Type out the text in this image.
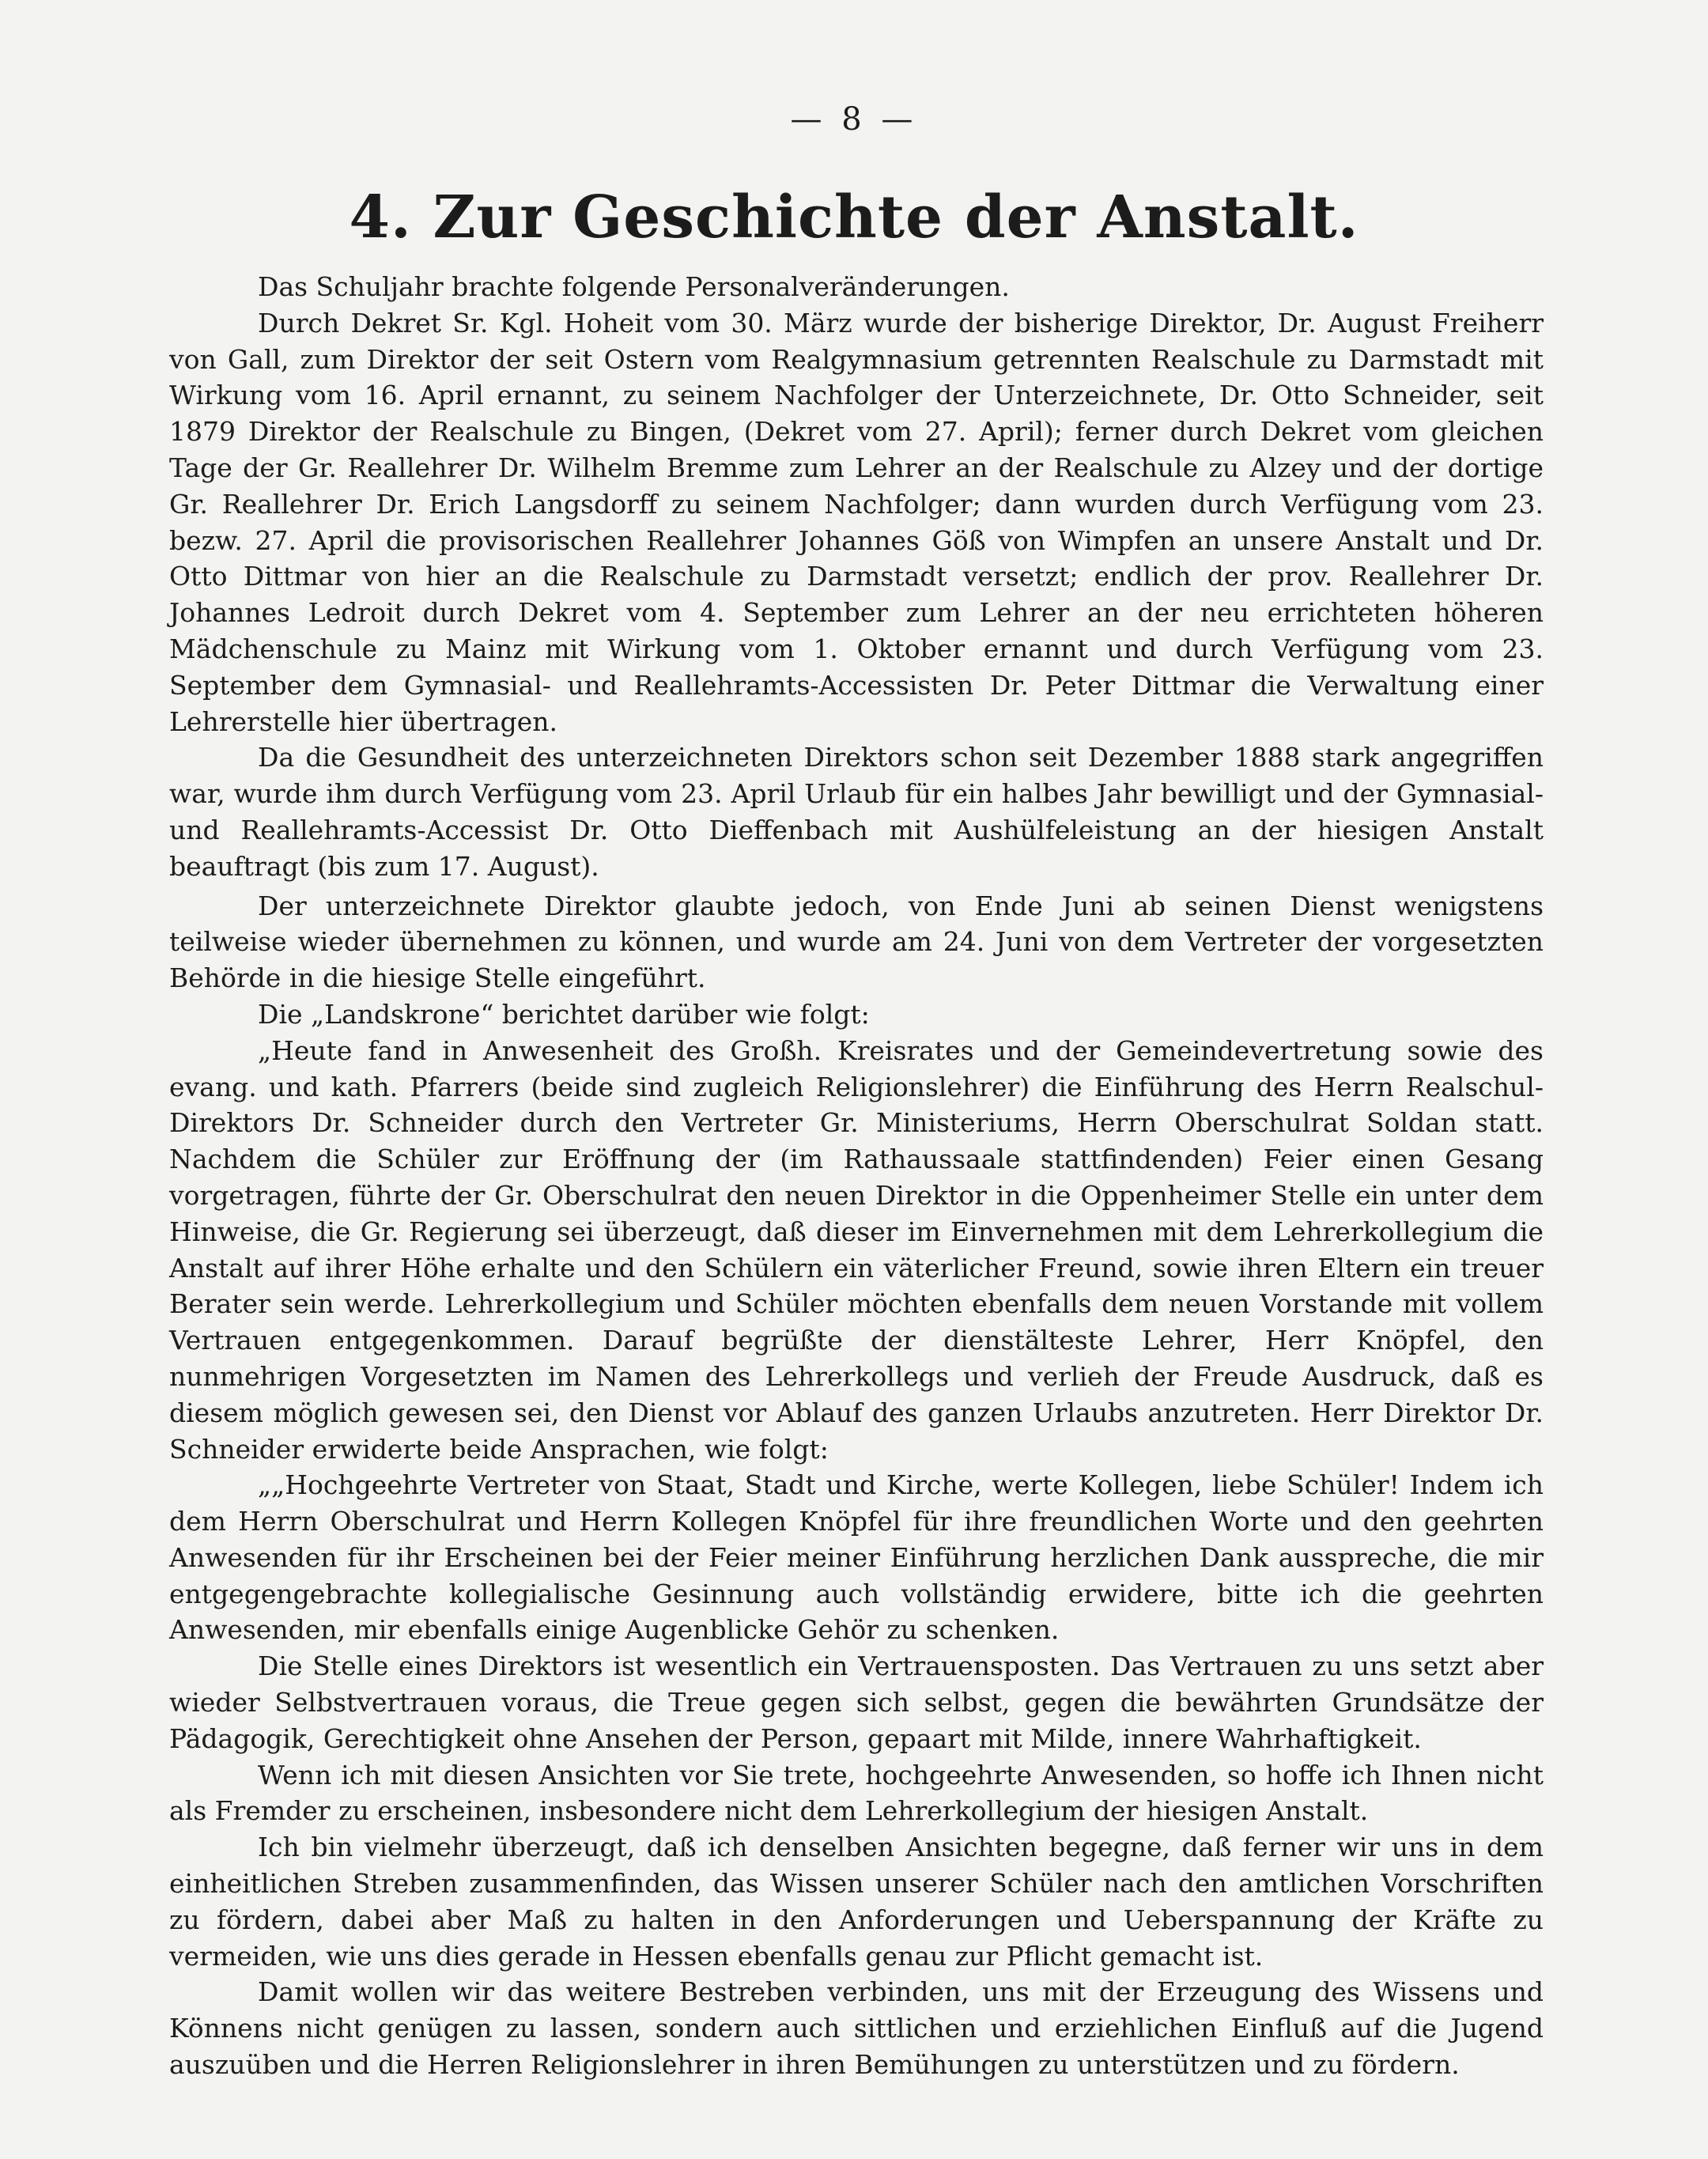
— 8 —
4. Zur Geschichte der Anstalt.

Das Schuljahr brachte folgende Personalveränderungen.

Durch Dekret Sr. Kgl. Hoheit vom 30. März wurde der bisherige Direktor, Dr. August Freiherr von Gall, zum Direktor der seit Ostern vom Realgymnasium getrennten Realschule zu Darmstadt mit Wirkung vom 16. April ernannt, zu seinem Nachfolger der Unterzeichnete, Dr. Otto Schneider, seit 1879 Direktor der Realschule zu Bingen, (Dekret vom 27. April); ferner durch Dekret vom gleichen Tage der Gr. Reallehrer Dr. Wilhelm Bremme zum Lehrer an der Realschule zu Alzey und der dortige Gr. Reallehrer Dr. Erich Langsdorff zu seinem Nachfolger; dann wurden durch Verfügung vom 23. bezw. 27. April die provisorischen Reallehrer Johannes Göß von Wimpfen an unsere Anstalt und Dr. Otto Dittmar von hier an die Realschule zu Darmstadt versetzt; endlich der prov. Reallehrer Dr. Johannes Ledroit durch Dekret vom 4. September zum Lehrer an der neu errichteten höheren Mädchenschule zu Mainz mit Wirkung vom 1. Oktober ernannt und durch Verfügung vom 23. September dem Gymnasial- und Reallehramts-Accessisten Dr. Peter Dittmar die Verwaltung einer Lehrerstelle hier übertragen.

Da die Gesundheit des unterzeichneten Direktors schon seit Dezember 1888 stark angegriffen war, wurde ihm durch Verfügung vom 23. April Urlaub für ein halbes Jahr bewilligt und der Gymnasial- und Reallehramts-Accessist Dr. Otto Dieffenbach mit Aushülfeleistung an der hiesigen Anstalt beauftragt (bis zum 17. August).

Der unterzeichnete Direktor glaubte jedoch, von Ende Juni ab seinen Dienst wenigstens teilweise wieder übernehmen zu können, und wurde am 24. Juni von dem Vertreter der vorgesetzten Behörde in die hiesige Stelle eingeführt.

Die „Landskrone“ berichtet darüber wie folgt:

„Heute fand in Anwesenheit des Großh. Kreisrates und der Gemeindevertretung sowie des evang. und kath. Pfarrers (beide sind zugleich Religionslehrer) die Einführung des Herrn Realschul-Direktors Dr. Schneider durch den Vertreter Gr. Ministeriums, Herrn Oberschulrat Soldan statt. Nachdem die Schüler zur Eröffnung der (im Rathaussaale stattfindenden) Feier einen Gesang vorgetragen, führte der Gr. Oberschulrat den neuen Direktor in die Oppenheimer Stelle ein unter dem Hinweise, die Gr. Regierung sei überzeugt, daß dieser im Einvernehmen mit dem Lehrerkollegium die Anstalt auf ihrer Höhe erhalte und den Schülern ein väterlicher Freund, sowie ihren Eltern ein treuer Berater sein werde. Lehrerkollegium und Schüler möchten ebenfalls dem neuen Vorstande mit vollem Vertrauen entgegenkommen. Darauf begrüßte der dienstälteste Lehrer, Herr Knöpfel, den nunmehrigen Vorgesetzten im Namen des Lehrerkollegs und verlieh der Freude Ausdruck, daß es diesem möglich gewesen sei, den Dienst vor Ablauf des ganzen Urlaubs anzutreten. Herr Direktor Dr. Schneider erwiderte beide Ansprachen, wie folgt:

„„Hochgeehrte Vertreter von Staat, Stadt und Kirche, werte Kollegen, liebe Schüler! Indem ich dem Herrn Oberschulrat und Herrn Kollegen Knöpfel für ihre freundlichen Worte und den geehrten Anwesenden für ihr Erscheinen bei der Feier meiner Einführung herzlichen Dank ausspreche, die mir entgegengebrachte kollegialische Gesinnung auch vollständig erwidere, bitte ich die geehrten Anwesenden, mir ebenfalls einige Augenblicke Gehör zu schenken.

Die Stelle eines Direktors ist wesentlich ein Vertrauensposten. Das Vertrauen zu uns setzt aber wieder Selbstvertrauen voraus, die Treue gegen sich selbst, gegen die bewährten Grundsätze der Pädagogik, Gerechtigkeit ohne Ansehen der Person, gepaart mit Milde, innere Wahrhaftigkeit.

Wenn ich mit diesen Ansichten vor Sie trete, hochgeehrte Anwesenden, so hoffe ich Ihnen nicht als Fremder zu erscheinen, insbesondere nicht dem Lehrerkollegium der hiesigen Anstalt.

Ich bin vielmehr überzeugt, daß ich denselben Ansichten begegne, daß ferner wir uns in dem einheitlichen Streben zusammenfinden, das Wissen unserer Schüler nach den amtlichen Vorschriften zu fördern, dabei aber Maß zu halten in den Anforderungen und Ueberspannung der Kräfte zu vermeiden, wie uns dies gerade in Hessen ebenfalls genau zur Pflicht gemacht ist.

Damit wollen wir das weitere Bestreben verbinden, uns mit der Erzeugung des Wissens und Könnens nicht genügen zu lassen, sondern auch sittlichen und erziehlichen Einfluß auf die Jugend auszuüben und die Herren Religionslehrer in ihren Bemühungen zu unterstützen und zu fördern.
